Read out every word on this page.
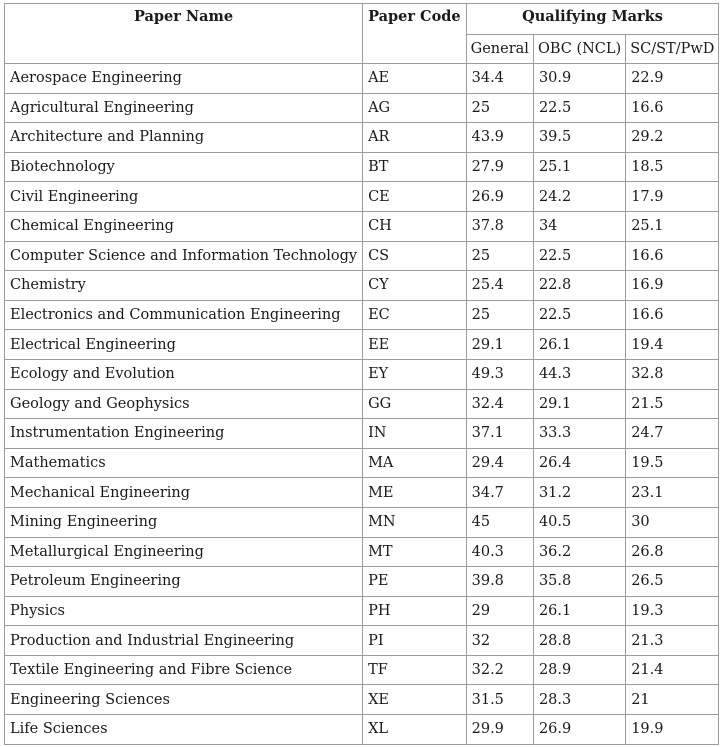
Paper Name	Paper Code	Qualifying Marks		
		General	OBC (NCL)	SC/ST/PwD
Aerospace Engineering	AE	34.4	30.9	22.9
Agricultural Engineering	AG	25	22.5	16.6
Architecture and Planning	AR	43.9	39.5	29.2
Biotechnology	BT	27.9	25.1	18.5
Civil Engineering	CE	26.9	24.2	17.9
Chemical Engineering	CH	37.8	34	25.1
Computer Science and Information Technology	CS	25	22.5	16.6
Chemistry	CY	25.4	22.8	16.9
Electronics and Communication Engineering	EC	25	22.5	16.6
Electrical Engineering	EE	29.1	26.1	19.4
Ecology and Evolution	EY	49.3	44.3	32.8
Geology and Geophysics	GG	32.4	29.1	21.5
Instrumentation Engineering	IN	37.1	33.3	24.7
Mathematics	MA	29.4	26.4	19.5
Mechanical Engineering	ME	34.7	31.2	23.1
Mining Engineering	MN	45	40.5	30
Metallurgical Engineering	MT	40.3	36.2	26.8
Petroleum Engineering	PE	39.8	35.8	26.5
Physics	PH	29	26.1	19.3
Production and Industrial Engineering	PI	32	28.8	21.3
Textile Engineering and Fibre Science	TF	32.2	28.9	21.4
Engineering Sciences	XE	31.5	28.3	21
Life Sciences	XL	29.9	26.9	19.9
